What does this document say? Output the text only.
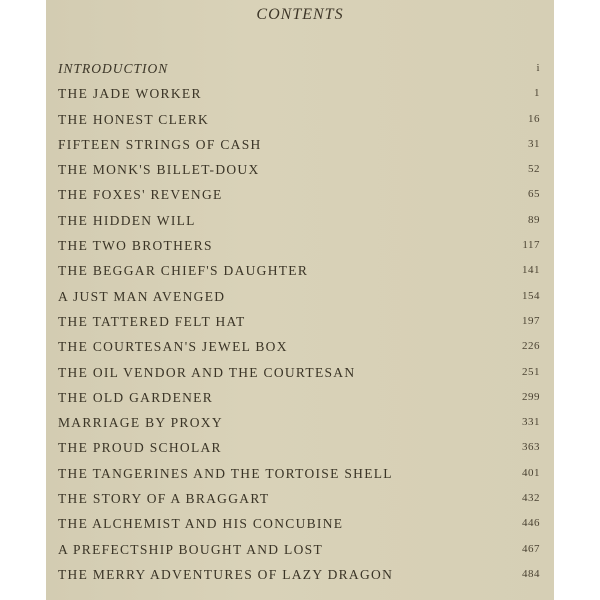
CONTENTS
INTRODUCTION	i
THE JADE WORKER	1
THE HONEST CLERK	16
FIFTEEN STRINGS OF CASH	31
THE MONK'S BILLET-DOUX	52
THE FOXES' REVENGE	65
THE HIDDEN WILL	89
THE TWO BROTHERS	117
THE BEGGAR CHIEF'S DAUGHTER	141
A JUST MAN AVENGED	154
THE TATTERED FELT HAT	197
THE COURTESAN'S JEWEL BOX	226
THE OIL VENDOR AND THE COURTESAN	251
THE OLD GARDENER	299
MARRIAGE BY PROXY	331
THE PROUD SCHOLAR	363
THE TANGERINES AND THE TORTOISE SHELL	401
THE STORY OF A BRAGGART	432
THE ALCHEMIST AND HIS CONCUBINE	446
A PREFECTSHIP BOUGHT AND LOST	467
THE MERRY ADVENTURES OF LAZY DRAGON	484
